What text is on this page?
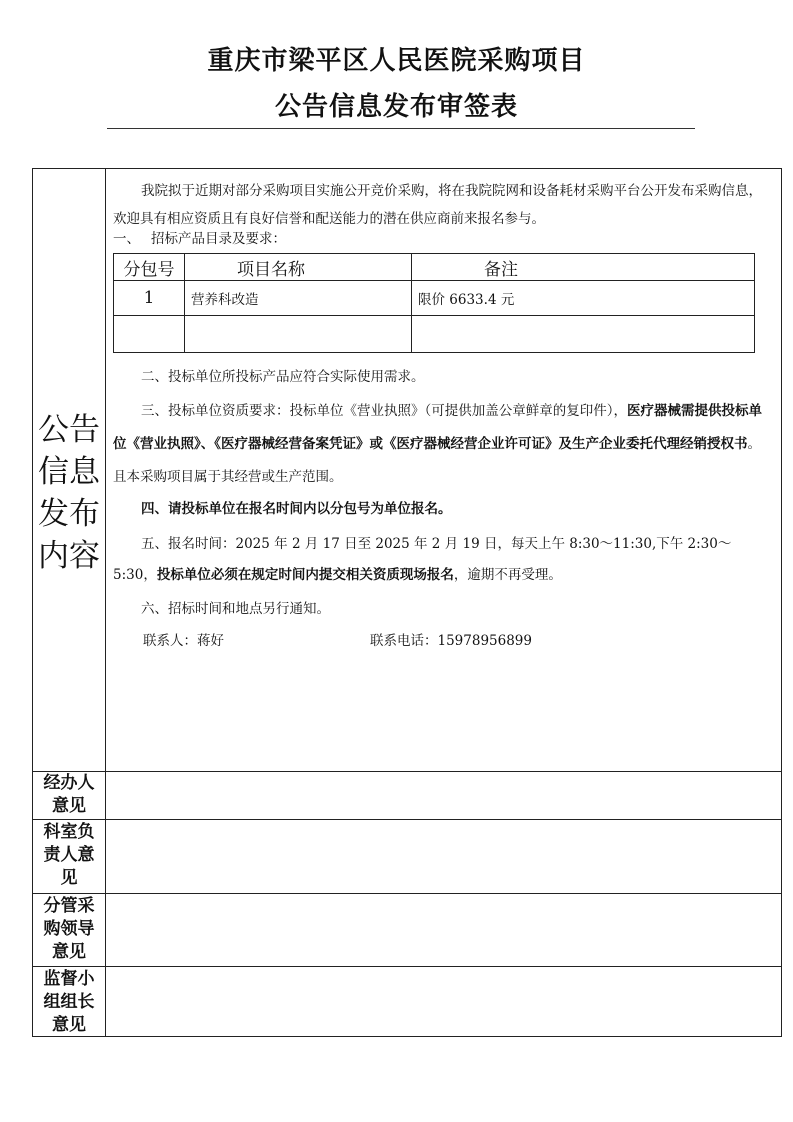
重庆市梁平区人民医院采购项目
公告信息发布审签表
公告
信息
发布
内容
我院拟于近期对部分采购项目实施公开竞价采购，将在我院院网和设备耗材采购平台公开发布采购信息，欢迎具有相应资质且有良好信誉和配送能力的潜在供应商前来报名参与。
一、　 招标产品目录及要求：
分包号	项目名称	备注
1	营养科改造	限价 6633.4 元

二、投标单位所投标产品应符合实际使用需求。
三、投标单位资质要求：投标单位《营业执照》（可提供加盖公章鲜章的复印件），医疗器械需提供投标单位《营业执照》、《医疗器械经营备案凭证》或《医疗器械经营企业许可证》及生产企业委托代理经销授权书。且本采购项目属于其经营或生产范围。
四、请投标单位在报名时间内以分包号为单位报名。
五、报名时间：2025 年 2 月 17 日至 2025 年 2 月 19 日，每天上午 8:30～11:30,下午 2:30～5:30，投标单位必须在规定时间内提交相关资质现场报名，逾期不再受理。
六、招标时间和地点另行通知。
联系人：蒋好	联系电话：15978956899
经办人
意见
科室负
责人意
见
分管采
购领导
意见
监督小
组组长
意见
